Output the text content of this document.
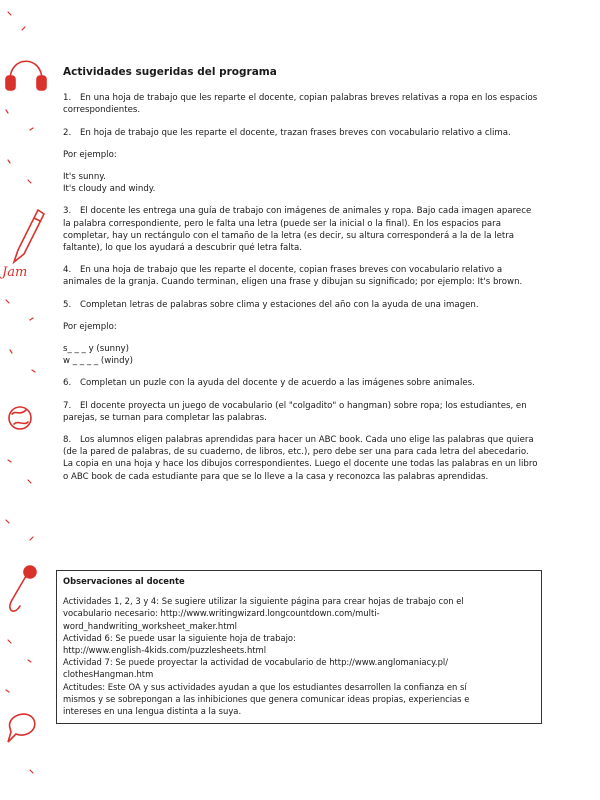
Jam

Actividades sugeridas del programa

1. En una hoja de trabajo que les reparte el docente, copian palabras breves relativas a ropa en los espacios correspondientes.

2. En hoja de trabajo que les reparte el docente, trazan frases breves con vocabulario relativo a clima.

Por ejemplo:

It's sunny.

It's cloudy and windy.

3. El docente les entrega una guía de trabajo con imágenes de animales y ropa. Bajo cada imagen aparece la palabra correspondiente, pero le falta una letra (puede ser la inicial o la final). En los espacios para completar, hay un rectángulo con el tamaño de la letra (es decir, su altura corresponderá a la de la letra faltante), lo que los ayudará a descubrir qué letra falta.

4. En una hoja de trabajo que les reparte el docente, copian frases breves con vocabulario relativo a animales de la granja. Cuando terminan, eligen una frase y dibujan su significado; por ejemplo: It's brown.

5. Completan letras de palabras sobre clima y estaciones del año con la ayuda de una imagen.

Por ejemplo:

s_ _ _ y (sunny)

w _ _ _ _ (windy)

6. Completan un puzle con la ayuda del docente y de acuerdo a las imágenes sobre animales.

7. El docente proyecta un juego de vocabulario (el "colgadito" o hangman) sobre ropa; los estudiantes, en parejas, se turnan para completar las palabras.

8. Los alumnos eligen palabras aprendidas para hacer un ABC book. Cada uno elige las palabras que quiera (de la pared de palabras, de su cuaderno, de libros, etc.), pero debe ser una para cada letra del abecedario. La copia en una hoja y hace los dibujos correspondientes. Luego el docente une todas las palabras en un libro o ABC book de cada estudiante para que se lo lleve a la casa y reconozca las palabras aprendidas.

Observaciones al docente

Actividades 1, 2, 3 y 4: Se sugiere utilizar la siguiente página para crear hojas de trabajo con el

vocabulario necesario: http://www.writingwizard.longcountdown.com/multi-

word_handwriting_worksheet_maker.html

Actividad 6: Se puede usar la siguiente hoja de trabajo:

http://www.english-4kids.com/puzzlesheets.html

Actividad 7: Se puede proyectar la actividad de vocabulario de http://www.anglomaniacy.pl/

clothesHangman.htm

Actitudes: Este OA y sus actividades ayudan a que los estudiantes desarrollen la confianza en sí

mismos y se sobrepongan a las inhibiciones que genera comunicar ideas propias, experiencias e

intereses en una lengua distinta a la suya.
